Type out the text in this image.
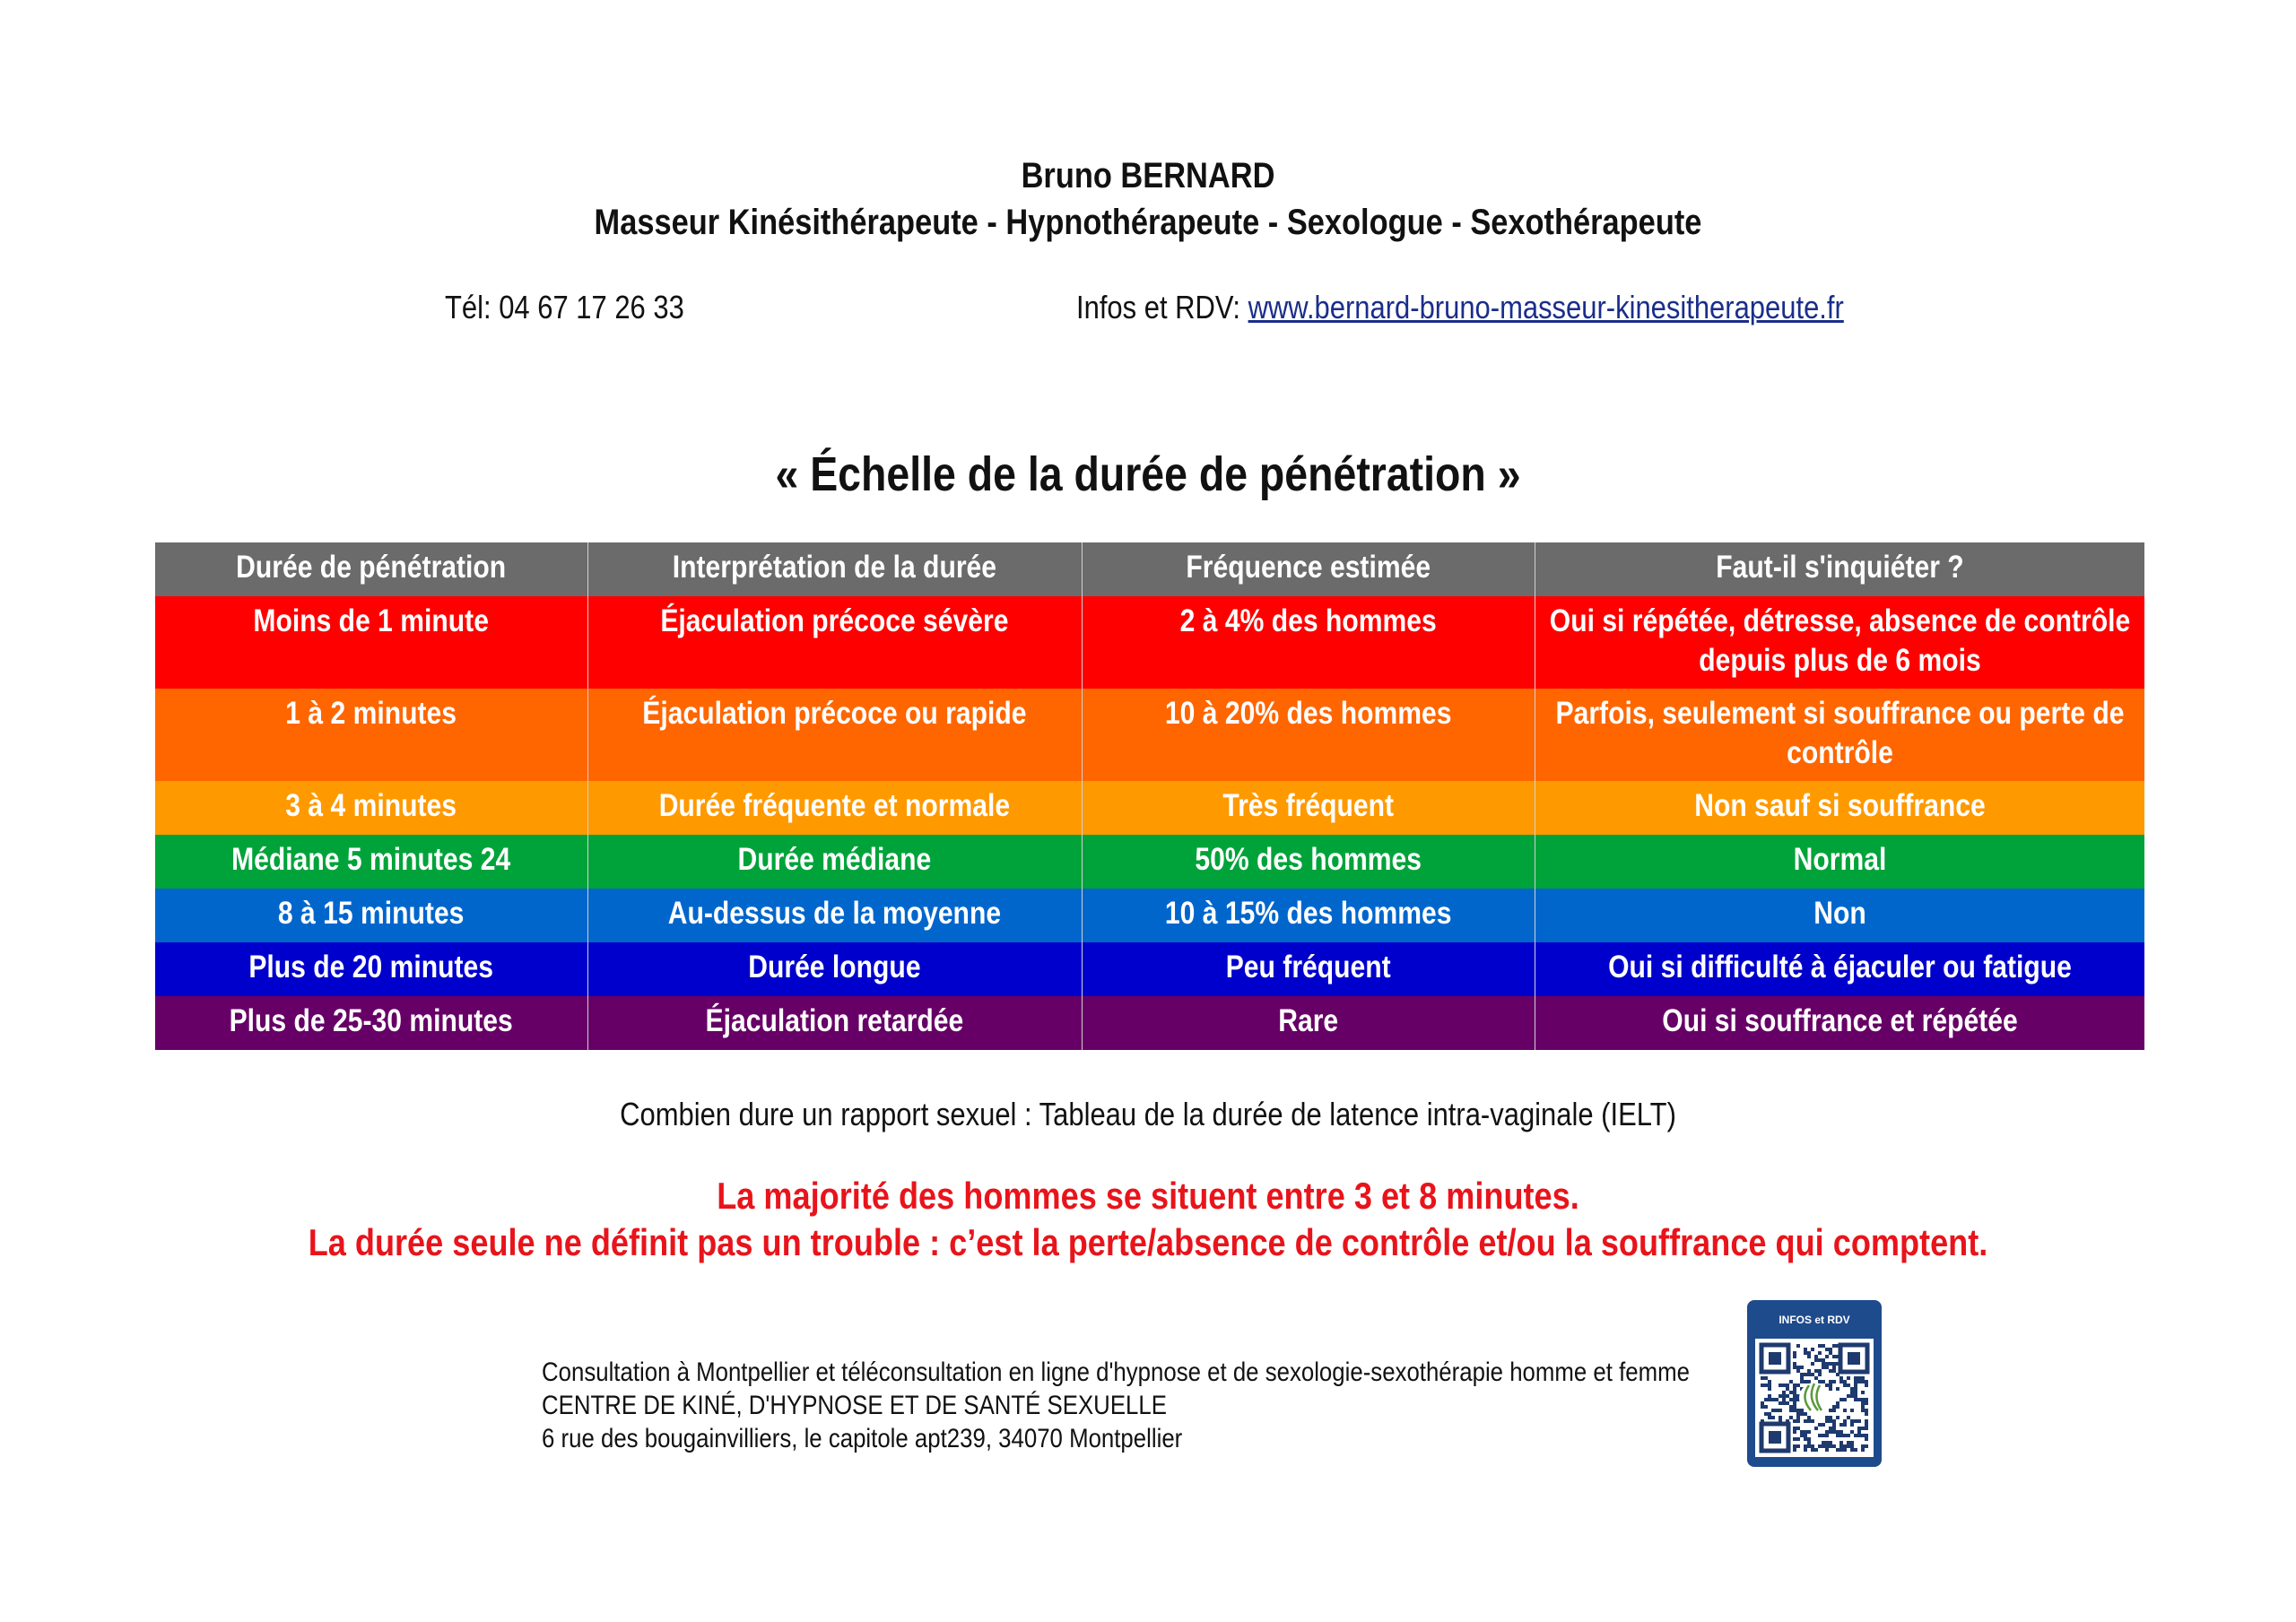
Bruno BERNARD
Masseur Kinésithérapeute - Hypnothérapeute - Sexologue - Sexothérapeute
Tél: 04 67 17 26 33	Infos et RDV: www.bernard-bruno-masseur-kinesitherapeute.fr
« Échelle de la durée de pénétration »
Durée de pénétration	Interprétation de la durée	Fréquence estimée	Faut-il s'inquiéter ?
Moins de 1 minute	Éjaculation précoce sévère	2 à 4% des hommes	Oui si répétée, détresse, absence de contrôle depuis plus de 6 mois
1 à 2 minutes	Éjaculation précoce ou rapide	10 à 20% des hommes	Parfois, seulement si souffrance ou perte de contrôle
3 à 4 minutes	Durée fréquente et normale	Très fréquent	Non sauf si souffrance
Médiane 5 minutes 24	Durée médiane	50% des hommes	Normal
8 à 15 minutes	Au-dessus de la moyenne	10 à 15% des hommes	Non
Plus de 20 minutes	Durée longue	Peu fréquent	Oui si difficulté à éjaculer ou fatigue
Plus de 25-30 minutes	Éjaculation retardée	Rare	Oui si souffrance et répétée
Combien dure un rapport sexuel : Tableau de la durée de latence intra-vaginale (IELT)
La majorité des hommes se situent entre 3 et 8 minutes.
La durée seule ne définit pas un trouble : c’est la perte/absence de contrôle et/ou la souffrance qui comptent.
Consultation à Montpellier et téléconsultation en ligne d'hypnose et de sexologie-sexothérapie homme et femme
CENTRE DE KINÉ, D'HYPNOSE ET DE SANTÉ SEXUELLE
6 rue des bougainvilliers, le capitole apt239, 34070 Montpellier
INFOS et RDV
